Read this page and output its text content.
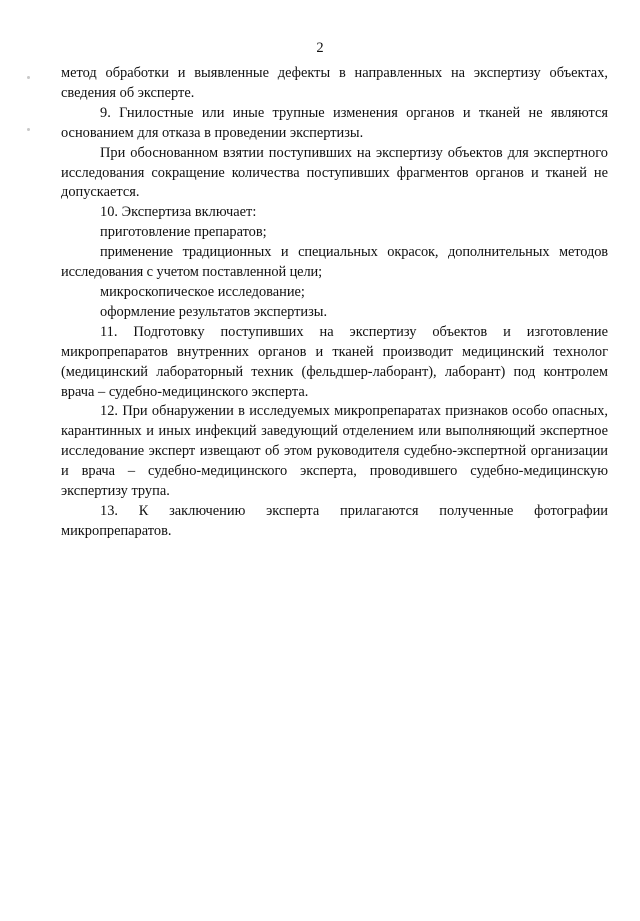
2

метод обработки и выявленные дефекты в направленных на экспертизу объектах, сведения об эксперте.

9. Гнилостные или иные трупные изменения органов и тканей не являются основанием для отказа в проведении экспертизы.

При обоснованном взятии поступивших на экспертизу объектов для экспертного исследования сокращение количества поступивших фрагментов органов и тканей не допускается.

10. Экспертиза включает:

приготовление препаратов;

применение традиционных и специальных окрасок, дополнительных методов исследования с учетом поставленной цели;

микроскопическое исследование;

оформление результатов экспертизы.

11. Подготовку поступивших на экспертизу объектов и изготовление микропрепаратов внутренних органов и тканей производит медицинский технолог (медицинский лабораторный техник (фельдшер-лаборант), лаборант) под контролем врача – судебно-медицинского эксперта.

12. При обнаружении в исследуемых микропрепаратах признаков особо опасных, карантинных и иных инфекций заведующий отделением или выполняющий экспертное исследование эксперт извещают об этом руководителя судебно-экспертной организации и врача – судебно-медицинского эксперта, проводившего судебно-медицинскую экспертизу трупа.

13. К заключению эксперта прилагаются полученные фотографии микропрепаратов.
